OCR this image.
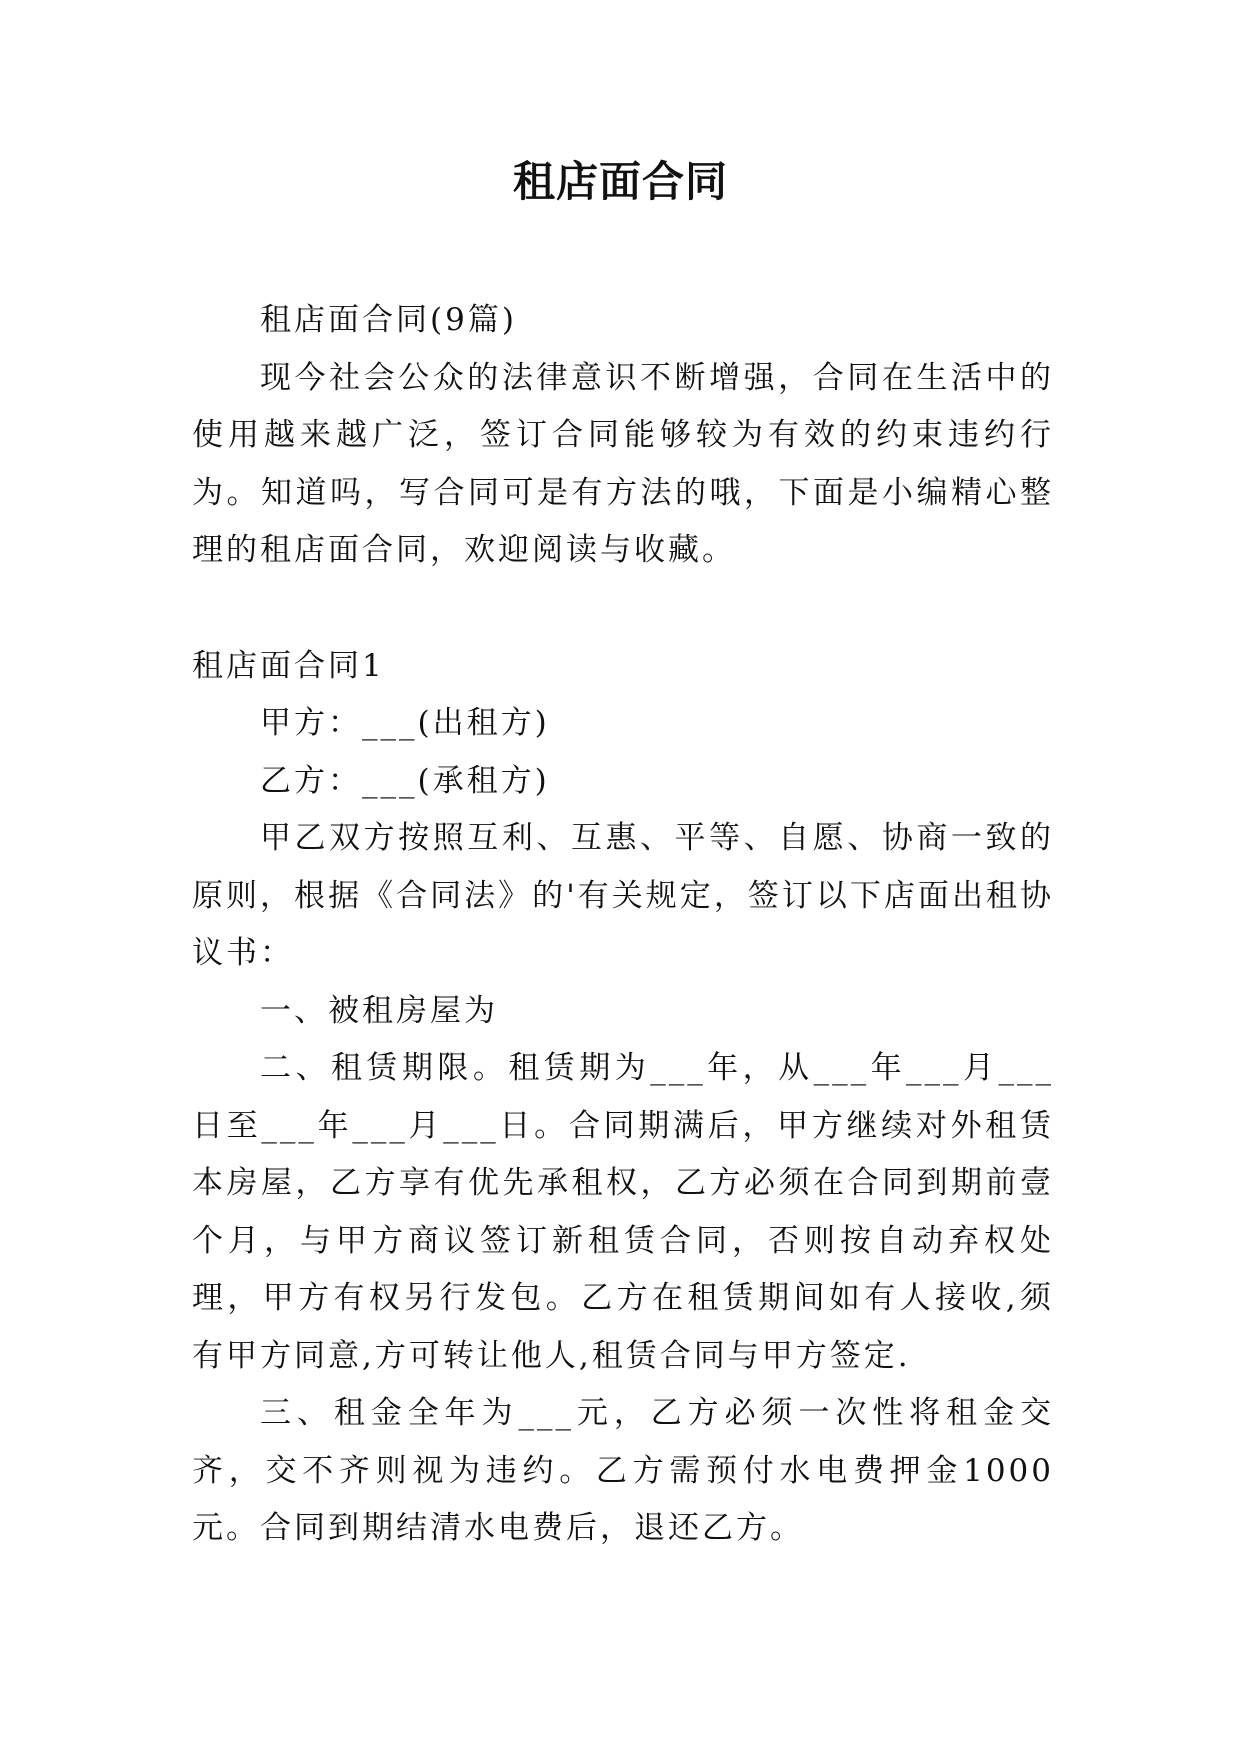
租店面合同

租店面合同(9篇)

现今社会公众的法律意识不断增强，合同在生活中的使用越来越广泛，签订合同能够较为有效的约束违约行为。知道吗，写合同可是有方法的哦，下面是小编精心整理的租店面合同，欢迎阅读与收藏。

租店面合同1

甲方：___(出租方)

乙方：___(承租方)

甲乙双方按照互利、互惠、平等、自愿、协商一致的原则，根据《合同法》的'有关规定，签订以下店面出租协议书：

一、被租房屋为

二、租赁期限。租赁期为___年，从___年___月___日至___年___月___日。合同期满后，甲方继续对外租赁本房屋，乙方享有优先承租权，乙方必须在合同到期前壹个月，与甲方商议签订新租赁合同，否则按自动弃权处理，甲方有权另行发包。乙方在租赁期间如有人接收,须有甲方同意,方可转让他人,租赁合同与甲方签定.

三、租金全年为___元，乙方必须一次性将租金交齐，交不齐则视为违约。乙方需预付水电费押金1000元。合同到期结清水电费后，退还乙方。
